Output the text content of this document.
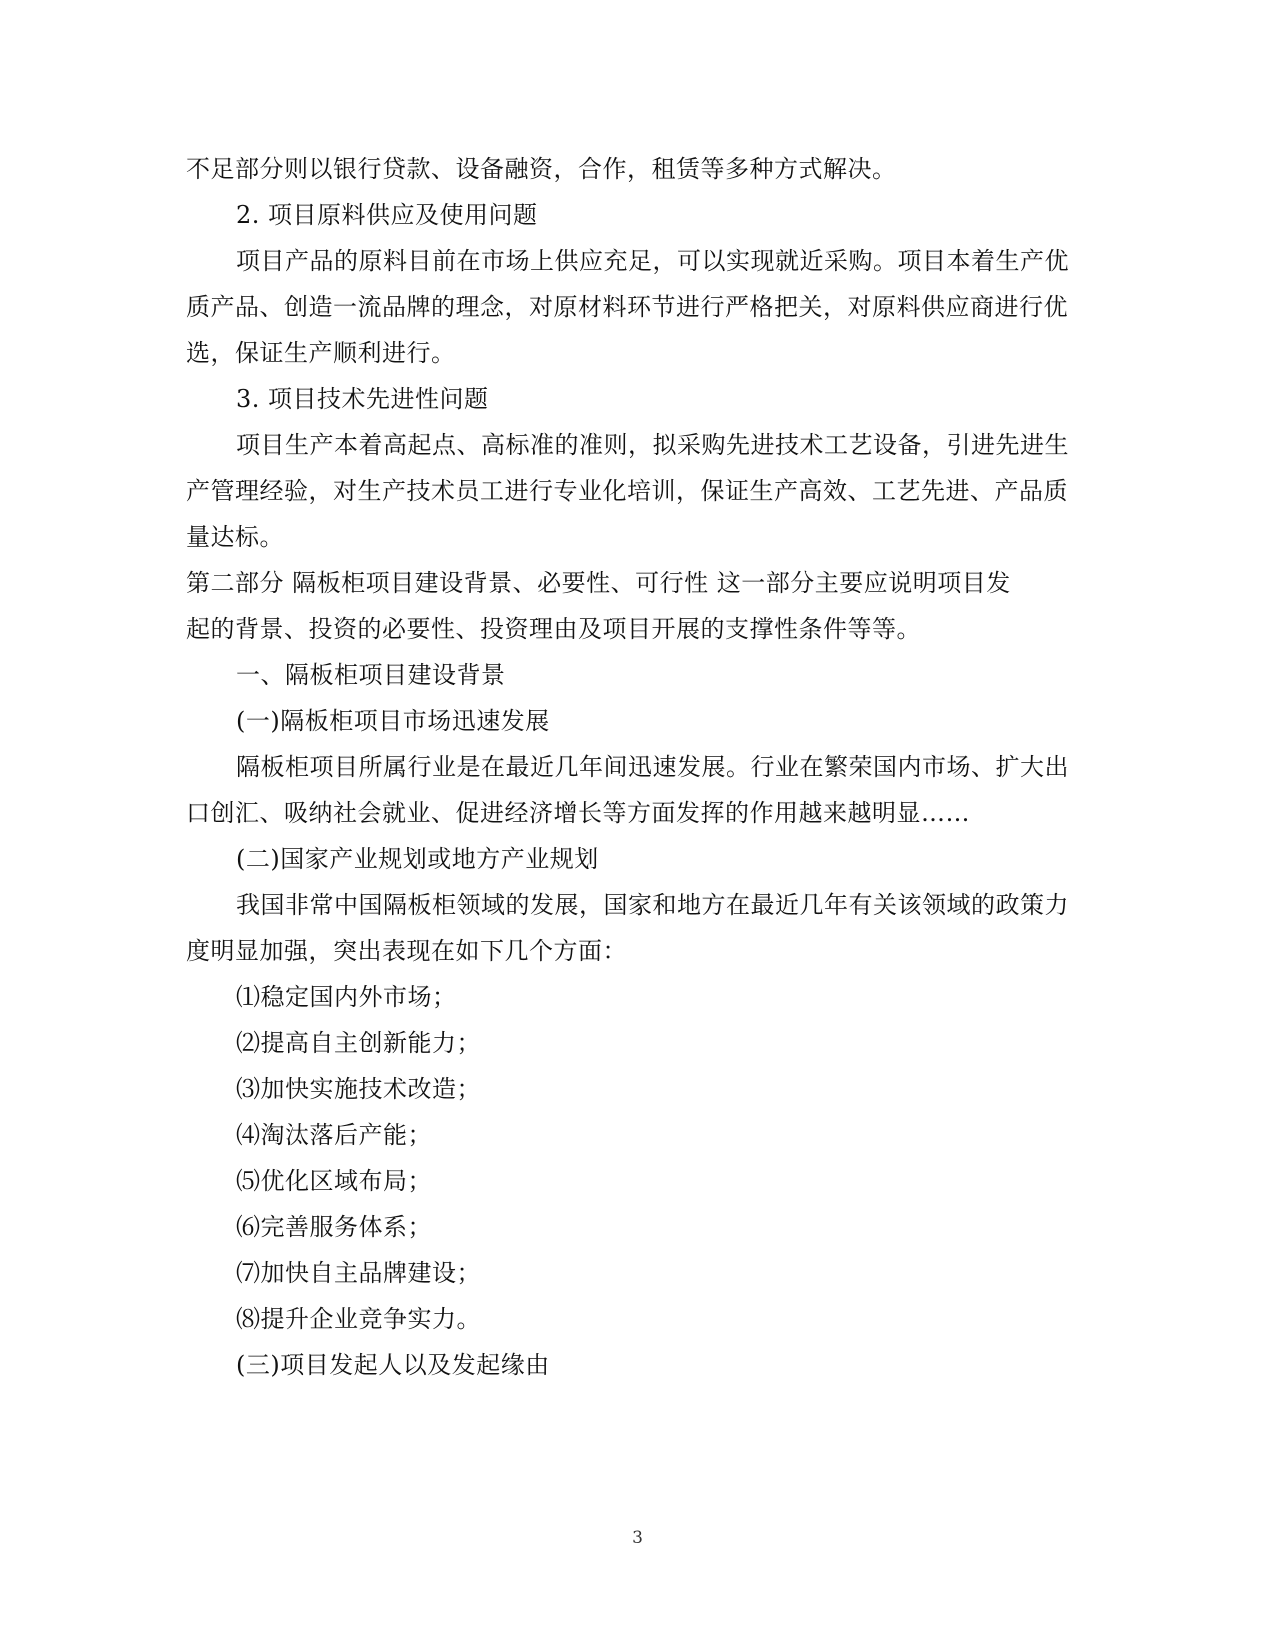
不足部分则以银行贷款、设备融资，合作，租赁等多种方式解决。
2. 项目原料供应及使用问题
项目产品的原料目前在市场上供应充足，可以实现就近采购。项目本着生产优
质产品、创造一流品牌的理念，对原材料环节进行严格把关，对原料供应商进行优
选，保证生产顺利进行。
3. 项目技术先进性问题
项目生产本着高起点、高标准的准则，拟采购先进技术工艺设备，引进先进生
产管理经验，对生产技术员工进行专业化培训，保证生产高效、工艺先进、产品质
量达标。
第二部分 隔板柜项目建设背景、必要性、可行性 这一部分主要应说明项目发
起的背景、投资的必要性、投资理由及项目开展的支撑性条件等等。
一、隔板柜项目建设背景
(一)隔板柜项目市场迅速发展
隔板柜项目所属行业是在最近几年间迅速发展。行业在繁荣国内市场、扩大出
口创汇、吸纳社会就业、促进经济增长等方面发挥的作用越来越明显……
(二)国家产业规划或地方产业规划
我国非常中国隔板柜领域的发展，国家和地方在最近几年有关该领域的政策力
度明显加强，突出表现在如下几个方面：
⑴稳定国内外市场；
⑵提高自主创新能力；
⑶加快实施技术改造；
⑷淘汰落后产能；
⑸优化区域布局；
⑹完善服务体系；
⑺加快自主品牌建设；
⑻提升企业竞争实力。
(三)项目发起人以及发起缘由
3
